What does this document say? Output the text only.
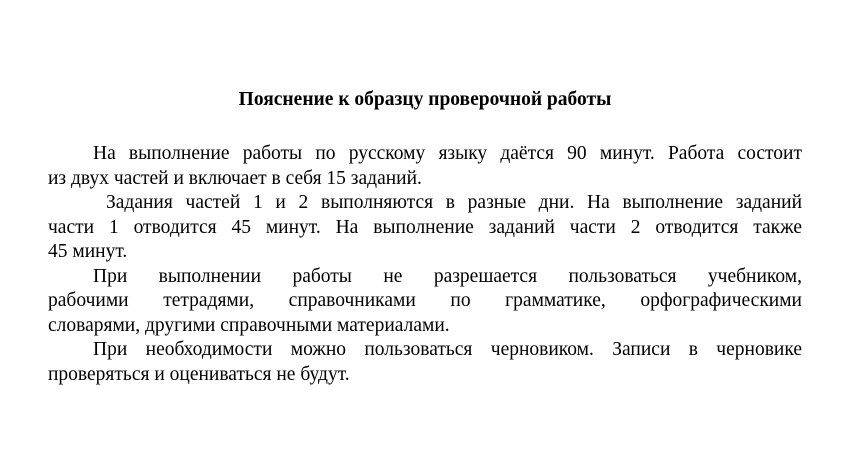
Пояснение к образцу проверочной работы

На выполнение работы по русскому языку даётся 90 минут. Работа состоит
из двух частей и включает в себя 15 заданий.

Задания частей 1 и 2 выполняются в разные дни. На выполнение заданий
части 1 отводится 45 минут. На выполнение заданий части 2 отводится также
45 минут.

При выполнении работы не разрешается пользоваться учебником,
рабочими тетрадями, справочниками по грамматике, орфографическими
словарями, другими справочными материалами.

При необходимости можно пользоваться черновиком. Записи в черновике
проверяться и оцениваться не будут.
